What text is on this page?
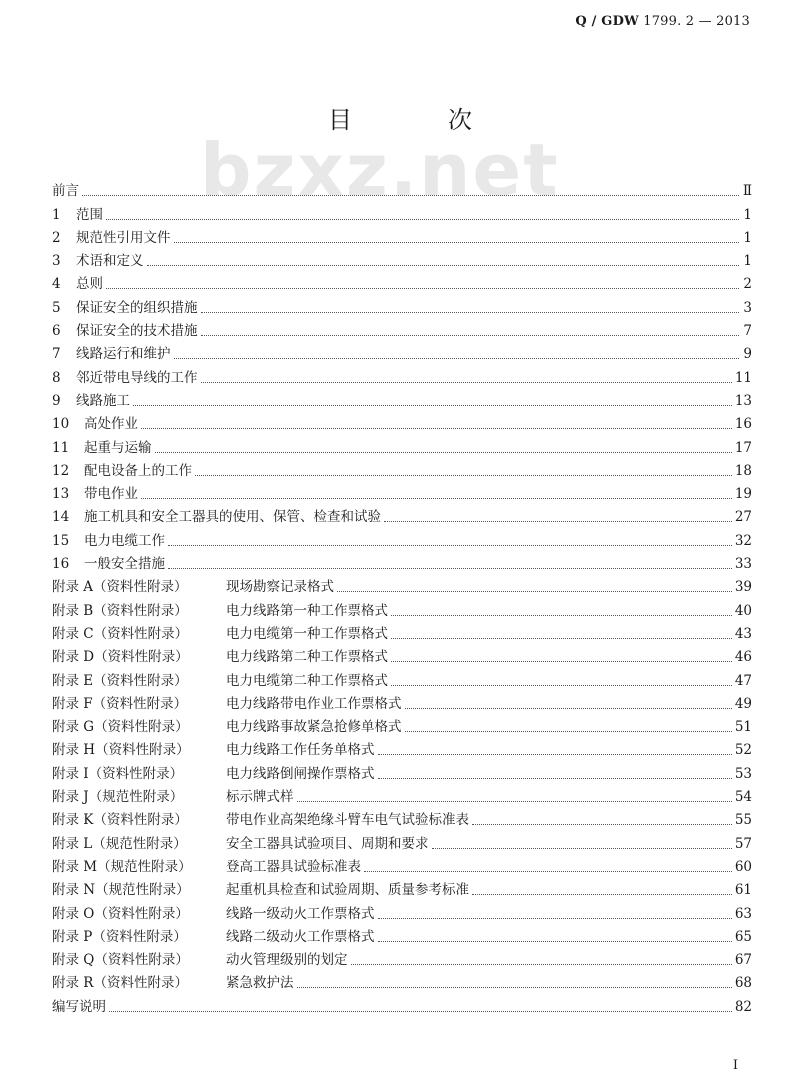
Q / GDW 1799. 2 — 2013
bzxz.net
目　次
前言	Ⅱ
1	范围	1
2	规范性引用文件	1
3	术语和定义	1
4	总则	2
5	保证安全的组织措施	3
6	保证安全的技术措施	7
7	线路运行和维护	9
8	邻近带电导线的工作	11
9	线路施工	13
10	高处作业	16
11	起重与运输	17
12	配电设备上的工作	18
13	带电作业	19
14	施工机具和安全工器具的使用、保管、检查和试验	27
15	电力电缆工作	32
16	一般安全措施	33
附录 A（资料性附录）	现场勘察记录格式	39
附录 B（资料性附录）	电力线路第一种工作票格式	40
附录 C（资料性附录）	电力电缆第一种工作票格式	43
附录 D（资料性附录）	电力线路第二种工作票格式	46
附录 E（资料性附录）	电力电缆第二种工作票格式	47
附录 F（资料性附录）	电力线路带电作业工作票格式	49
附录 G（资料性附录）	电力线路事故紧急抢修单格式	51
附录 H（资料性附录）	电力线路工作任务单格式	52
附录 I（资料性附录）	电力线路倒闸操作票格式	53
附录 J（规范性附录）	标示牌式样	54
附录 K（资料性附录）	带电作业高架绝缘斗臂车电气试验标准表	55
附录 L（规范性附录）	安全工器具试验项目、周期和要求	57
附录 M（规范性附录）	登高工器具试验标准表	60
附录 N（规范性附录）	起重机具检查和试验周期、质量参考标准	61
附录 O（资料性附录）	线路一级动火工作票格式	63
附录 P（资料性附录）	线路二级动火工作票格式	65
附录 Q（资料性附录）	动火管理级别的划定	67
附录 R（资料性附录）	紧急救护法	68
编写说明	82
I
